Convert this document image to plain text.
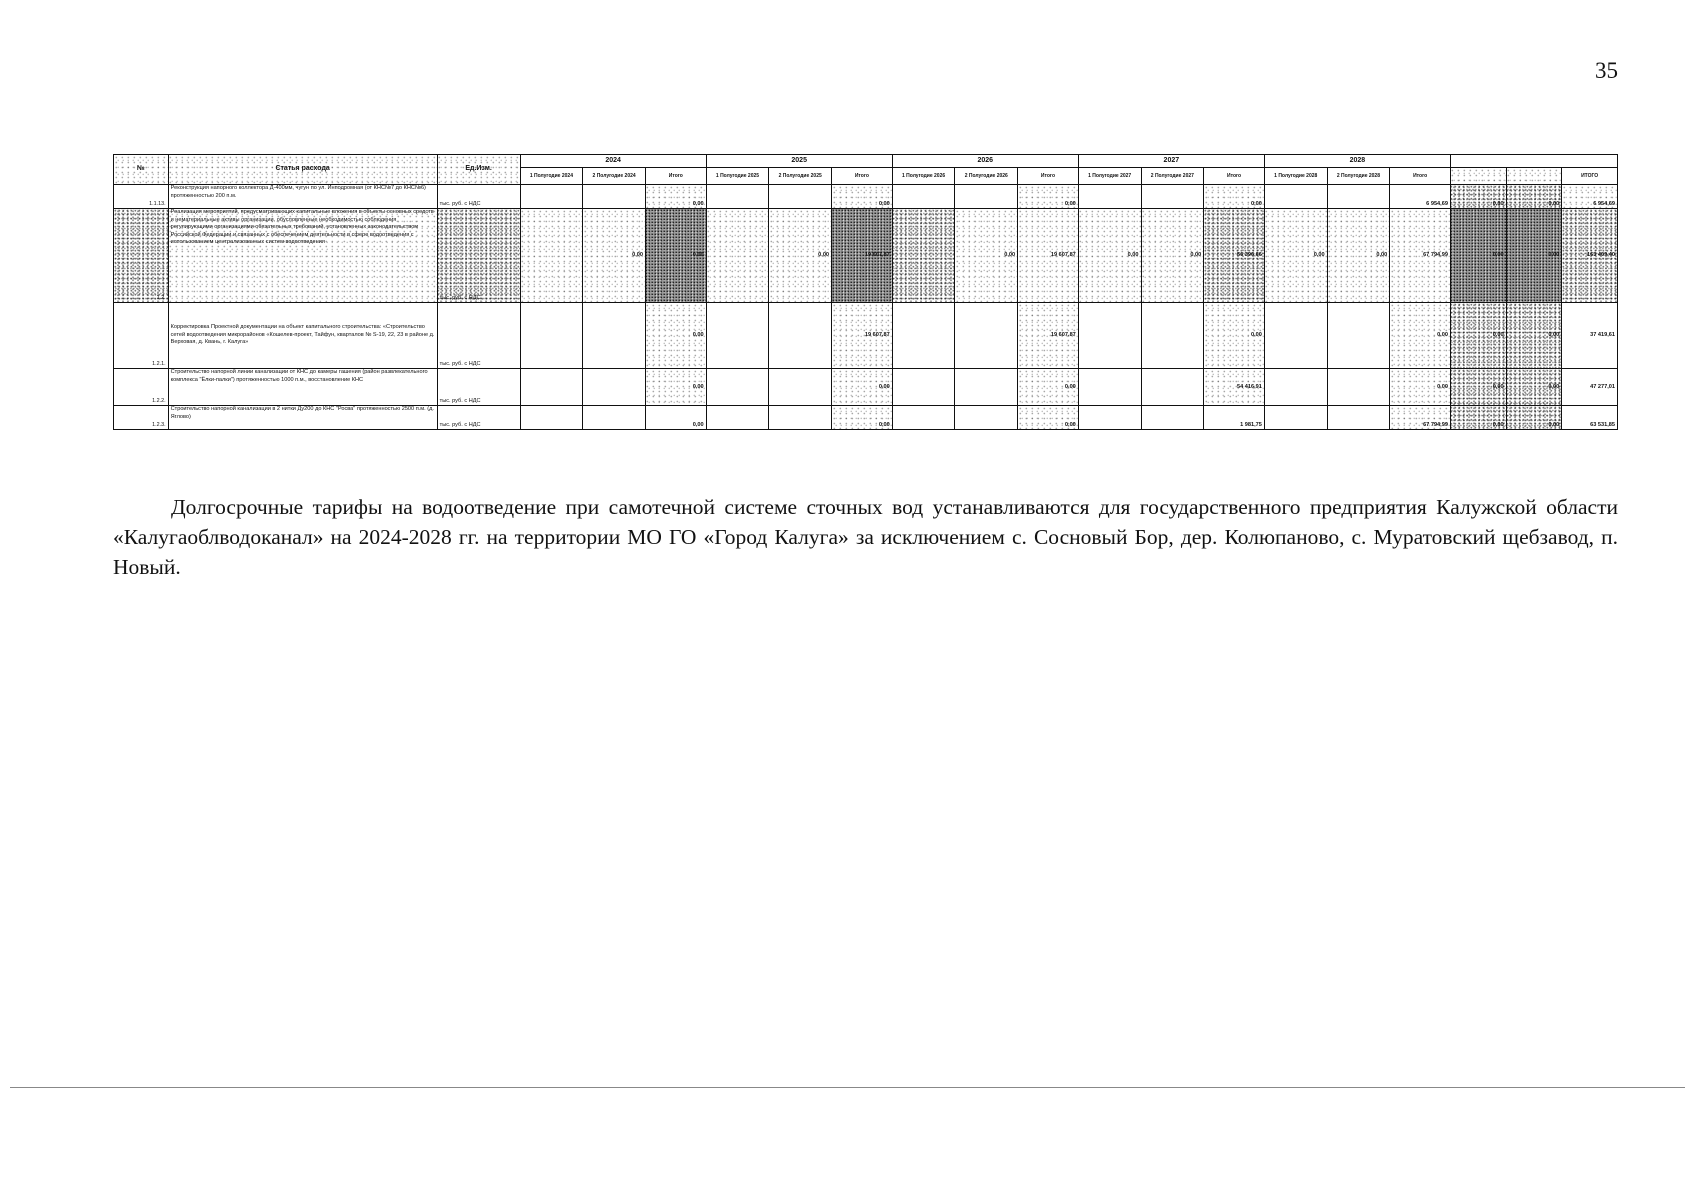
35
№	Статья расхода	Ед.Изм.	2024			2025			2026			2027			2028					
			1 Полугодие 2024	2 Полугодие 2024	Итого	1 Полугодие 2025	2 Полугодие 2025	Итого	1 Полугодие 2026	2 Полугодие 2026	Итого	1 Полугодие 2027	2 Полугодие 2027	Итого	1 Полугодие 2028	2 Полугодие 2028	Итого			ИТОГО
1.1.13.	Реконструкция напорного коллектора Д-400мм, чугун по ул. Инподромная (от КНС№7 до КНС№6) протяженностью 200 п.м.	тыс. руб. с НДС			0,00			0,00			0,00			0,00			6 954,69	0,00	0,00	6 954,69
1.2.	Реализация мероприятий, предусматривающих капитальные вложения в объекты основных средств и нематериальные активы организации, обусловленные необходимостью соблюдения регулирующими организациями обязательных требований, установленных законодательством Российской Федерации и связанных с обеспечением деятельности в сфере водоотведения с использованием централизованных систем водоотведения	тыс. руб. с НДС		0,00	0,00		0,00	19 607,87		0,00	19 607,87	0,00	0,00	56 396,66	0,00	0,00	67 794,99	0,00	0,00	163 409,40
1.2.1.	Корректировка Проектной документации на объект капитального строительства: «Строительство сетей водоотведения микрорайонов «Кошелев-проект, Тайфун, кварталов № S-19, 22, 23 в районе д. Верховая, д. Квань, г. Калуга»	тыс. руб. с НДС			0,00			19 607,87			19 607,87			0,00			0,00	0,00	0,00	37 419,61
1.2.2.	Строительство напорной линии канализации от КНС до камеры гашения (район развлекательного комплекса "Ёлки-палки") протяженностью 1000 п.м., восстановление КНС	тыс. руб. с НДС			0,00			0,00			0,00			54 416,91			0,00	0,00	0,00	47 277,01
1.2.3.	Строительство напорной канализации в 2 нитки Ду200 до КНС "Росва" протяженностью 2500 п.м. (д. Яглово)	тыс. руб. с НДС			0,00			0,00			0,00			1 981,75			67 794,99	0,00	0,00	63 531,85

Долгосрочные тарифы на водоотведение при самотечной системе сточных вод устанавливаются для государственного предприятия Калужской области «Калугаоблводоканал» на 2024-2028 гг. на территории МО ГО «Город Калуга» за исключением с. Сосновый Бор, дер. Колюпаново, с. Муратовский щебзавод, п. Новый.
